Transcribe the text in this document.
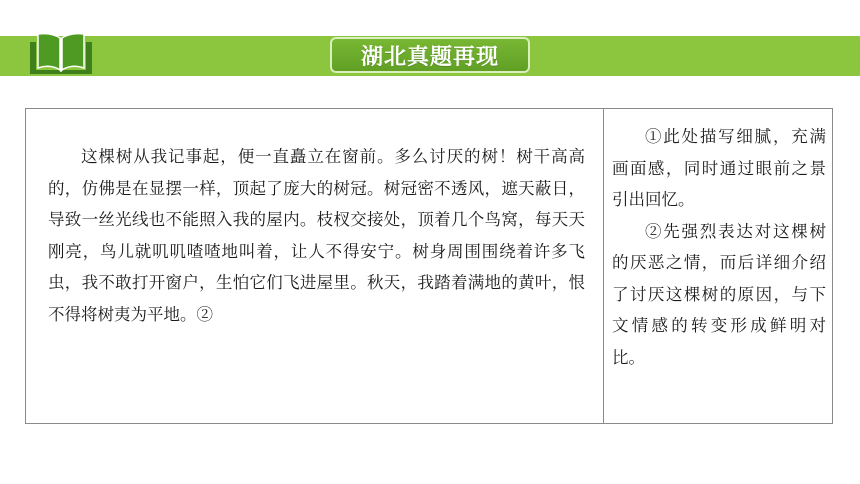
湖北真题再现

这棵树从我记事起，便一直矗立在窗前。多么讨厌的树！树干高高的，仿佛是在显摆一样，顶起了庞大的树冠。树冠密不透风，遮天蔽日，导致一丝光线也不能照入我的屋内。枝杈交接处，顶着几个鸟窝，每天天刚亮，鸟儿就叽叽喳喳地叫着，让人不得安宁。树身周围围绕着许多飞虫，我不敢打开窗户，生怕它们飞进屋里。秋天，我踏着满地的黄叶，恨不得将树夷为平地。②

①此处描写细腻，充满画面感，同时通过眼前之景引出回忆。

②先强烈表达对这棵树的厌恶之情，而后详细介绍了讨厌这棵树的原因，与下文情感的转变形成鲜明对比。
